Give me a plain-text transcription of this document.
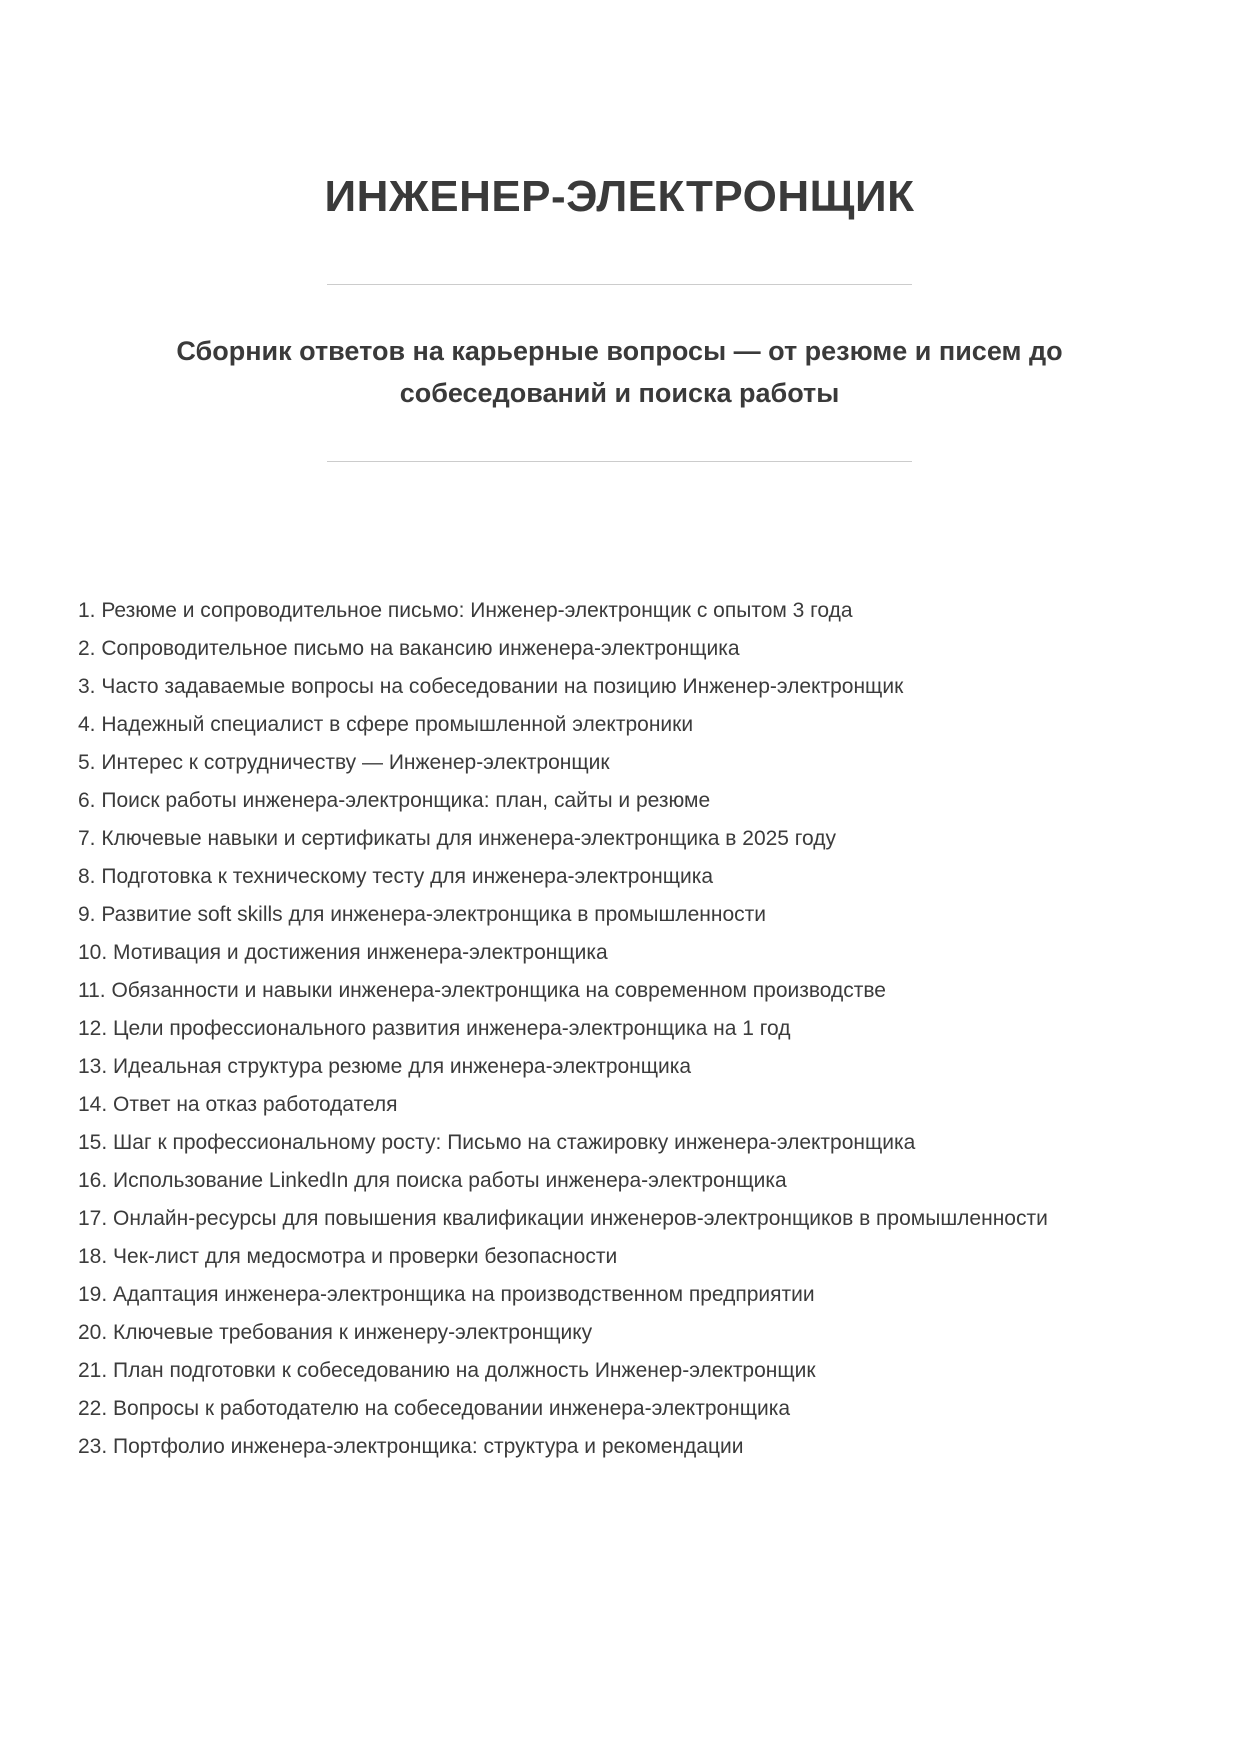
ИНЖЕНЕР-ЭЛЕКТРОНЩИК
Сборник ответов на карьерные вопросы — от резюме и писем до собеседований и поиска работы
1. Резюме и сопроводительное письмо: Инженер-электронщик с опытом 3 года
2. Сопроводительное письмо на вакансию инженера-электронщика
3. Часто задаваемые вопросы на собеседовании на позицию Инженер-электронщик
4. Надежный специалист в сфере промышленной электроники
5. Интерес к сотрудничеству — Инженер-электронщик
6. Поиск работы инженера-электронщика: план, сайты и резюме
7. Ключевые навыки и сертификаты для инженера-электронщика в 2025 году
8. Подготовка к техническому тесту для инженера-электронщика
9. Развитие soft skills для инженера-электронщика в промышленности
10. Мотивация и достижения инженера-электронщика
11. Обязанности и навыки инженера-электронщика на современном производстве
12. Цели профессионального развития инженера-электронщика на 1 год
13. Идеальная структура резюме для инженера-электронщика
14. Ответ на отказ работодателя
15. Шаг к профессиональному росту: Письмо на стажировку инженера-электронщика
16. Использование LinkedIn для поиска работы инженера-электронщика
17. Онлайн-ресурсы для повышения квалификации инженеров-электронщиков в промышленности
18. Чек-лист для медосмотра и проверки безопасности
19. Адаптация инженера-электронщика на производственном предприятии
20. Ключевые требования к инженеру-электронщику
21. План подготовки к собеседованию на должность Инженер-электронщик
22. Вопросы к работодателю на собеседовании инженера-электронщика
23. Портфолио инженера-электронщика: структура и рекомендации
